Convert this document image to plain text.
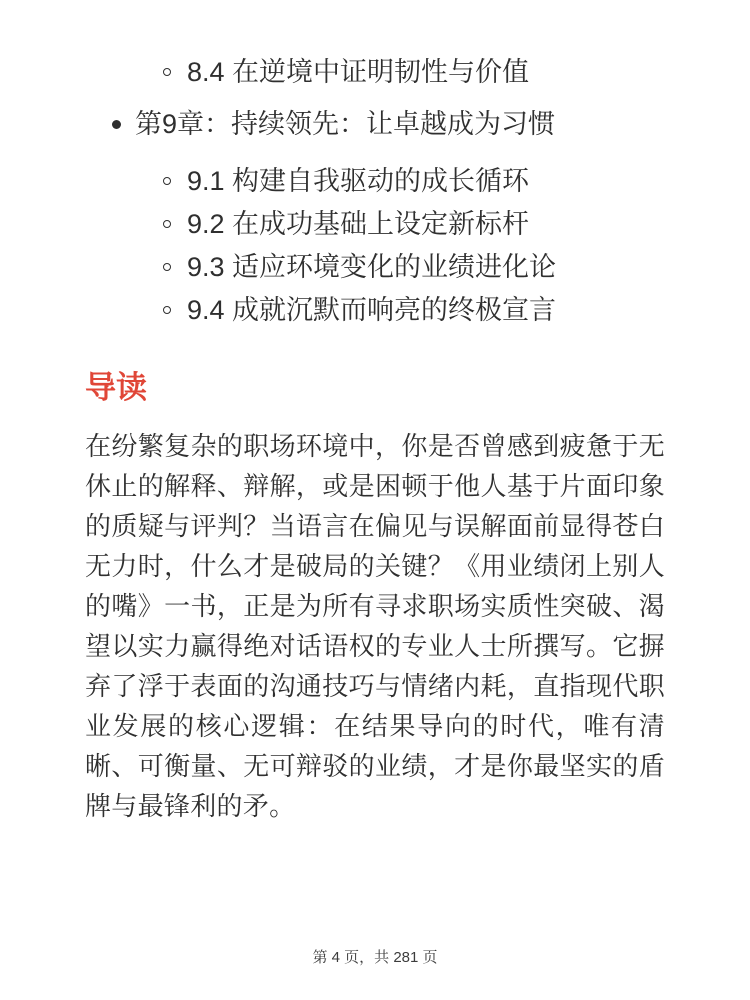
8.4 在逆境中证明韧性与价值
第9章：持续领先：让卓越成为习惯
9.1 构建自我驱动的成长循环
9.2 在成功基础上设定新标杆
9.3 适应环境变化的业绩进化论
9.4 成就沉默而响亮的终极宣言
导读

在纷繁复杂的职场环境中，你是否曾感到疲惫于无休止的解释、辩解，或是困顿于他人基于片面印象的质疑与评判？当语言在偏见与误解面前显得苍白无力时，什么才是破局的关键？《用业绩闭上别人的嘴》一书，正是为所有寻求职场实质性突破、渴望以实力赢得绝对话语权的专业人士所撰写。它摒弃了浮于表面的沟通技巧与情绪内耗，直指现代职业发展的核心逻辑：在结果导向的时代，唯有清晰、可衡量、无可辩驳的业绩，才是你最坚实的盾牌与最锋利的矛。

第 4 页，共 281 页
